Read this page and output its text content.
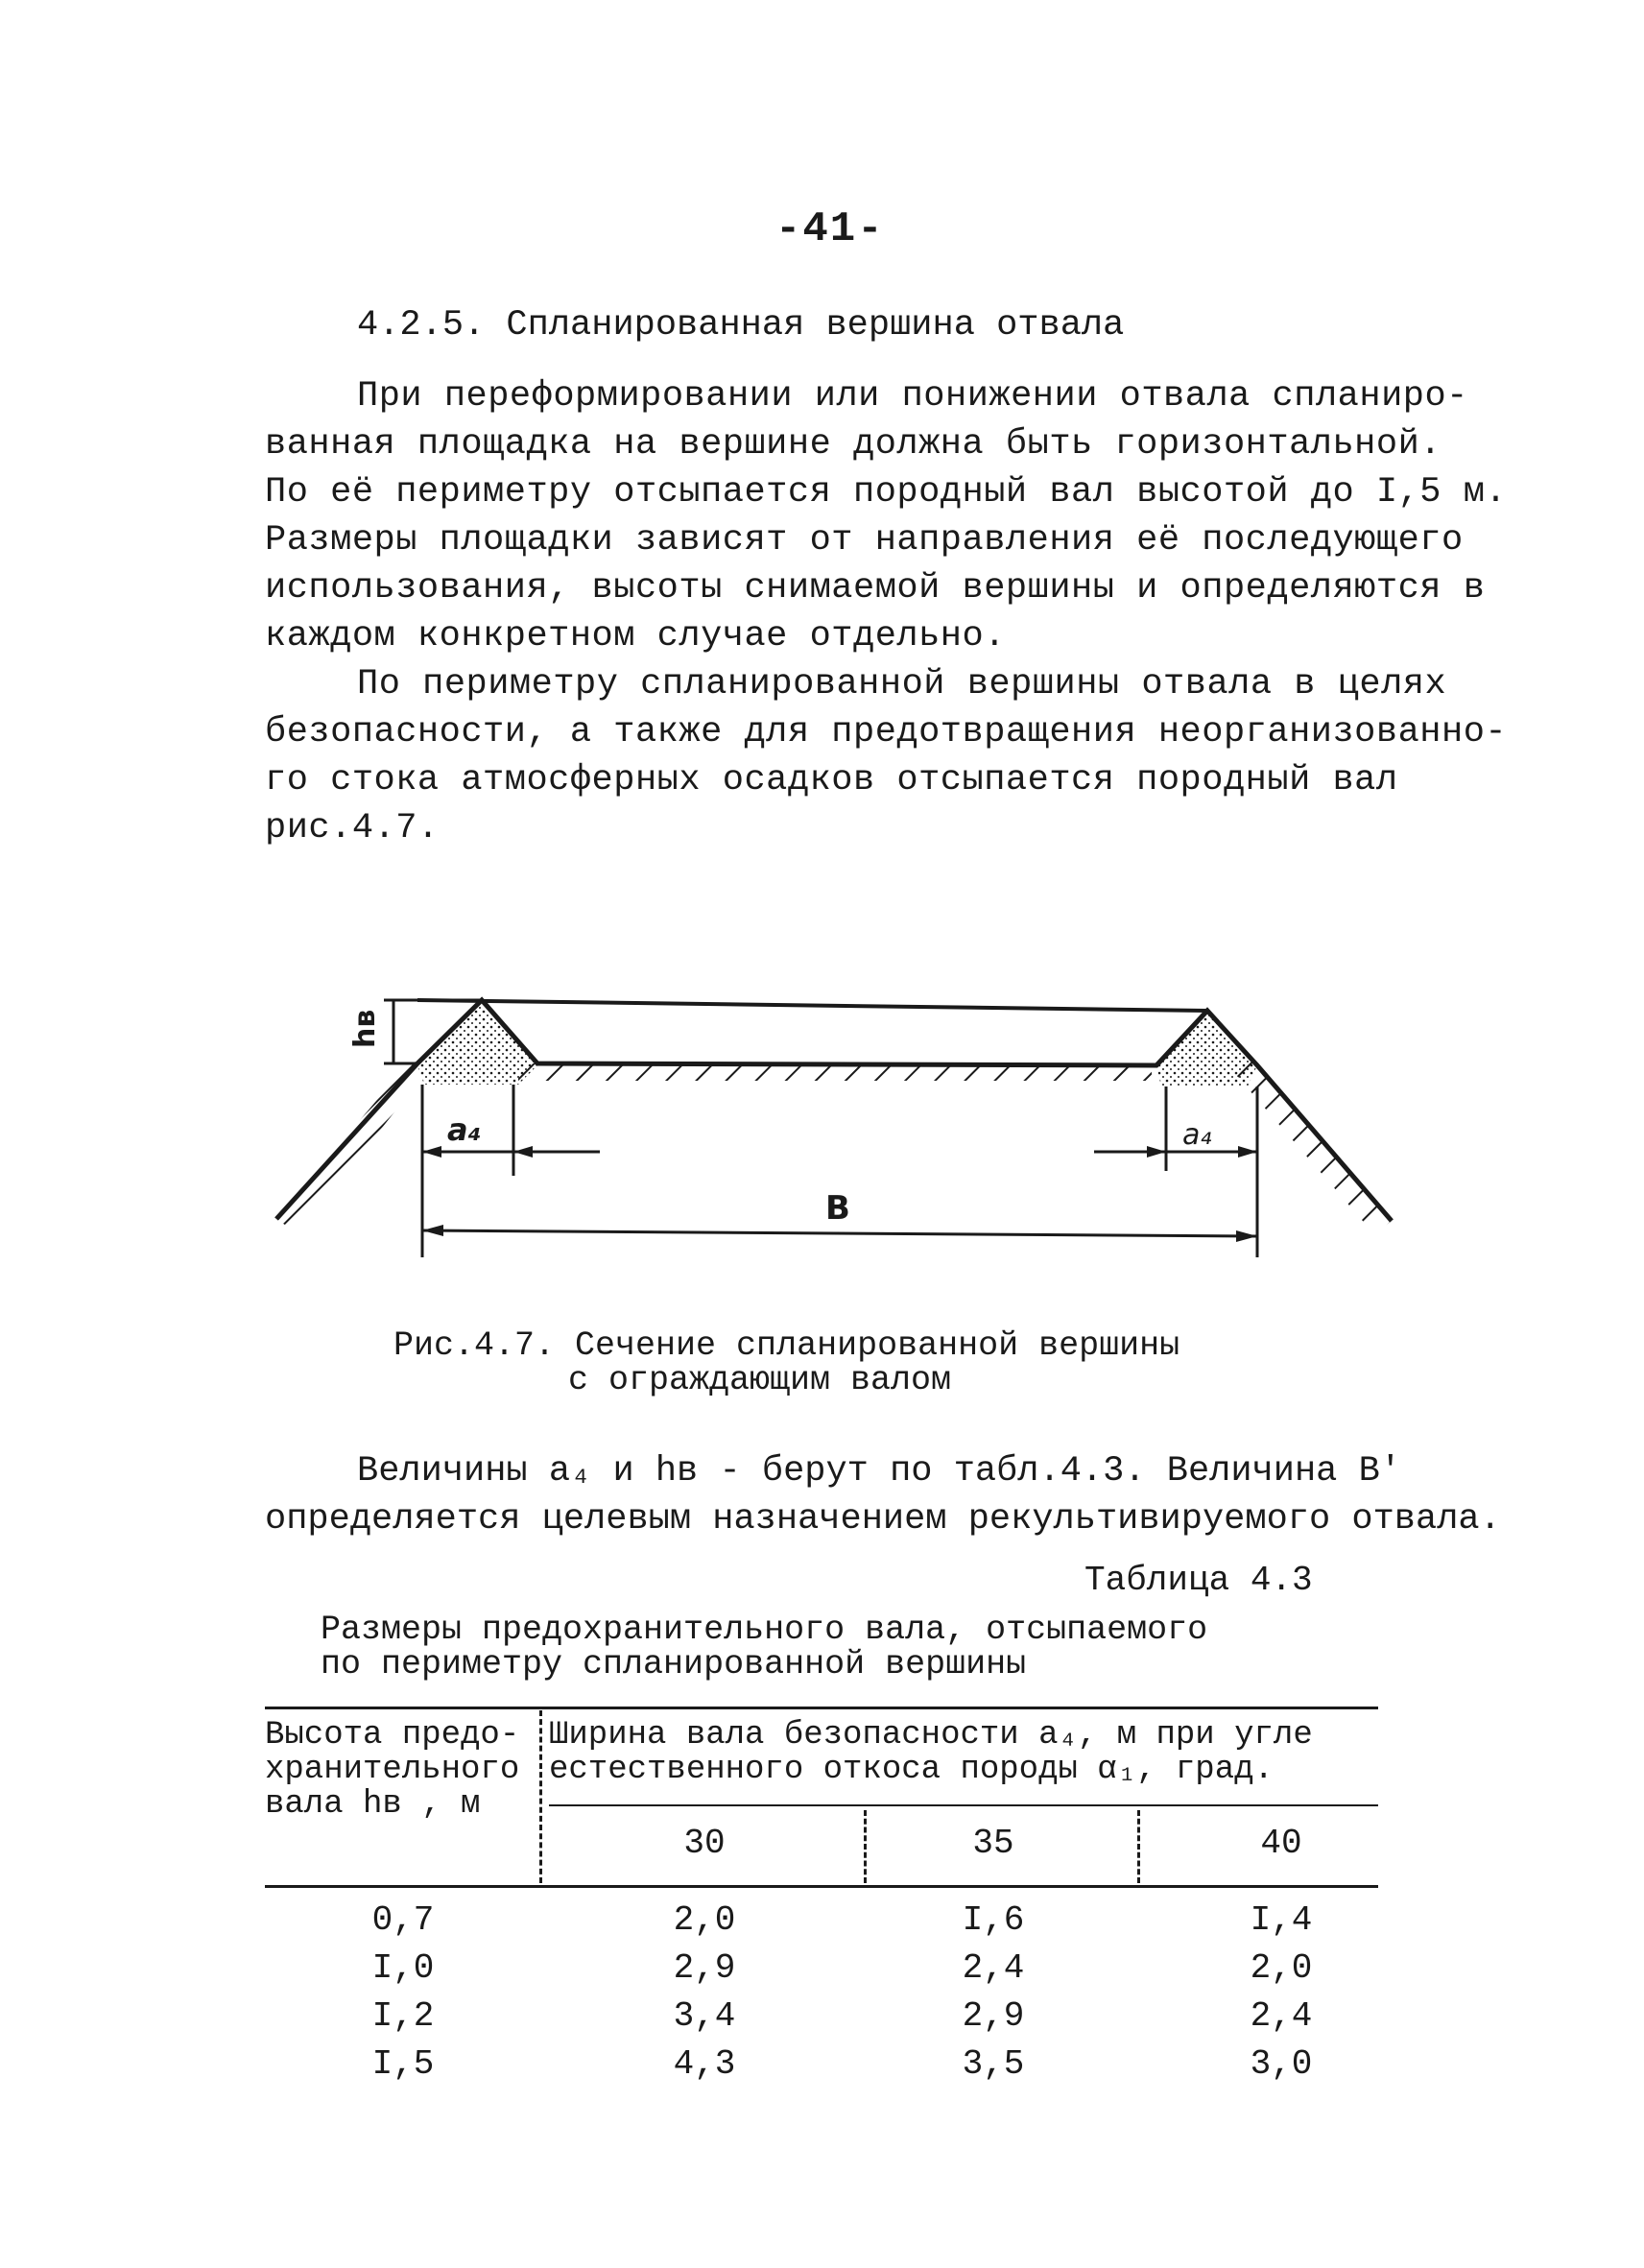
-41-
4.2.5. Спланированная вершина отвала
При переформировании или понижении отвала спланиро-
ванная площадка на вершине должна быть горизонтальной.
По её периметру отсыпается породный вал высотой до I,5 м.
Размеры площадки зависят от направления её последующего
использования, высоты снимаемой вершины и определяются в
каждом конкретном случае отдельно.
По периметру спланированной вершины отвала в целях
безопасности, а также для предотвращения неорганизованно-
го стока атмосферных осадков отсыпается породный вал
рис.4.7.
hв
a₄	a₄
B
Рис.4.7. Сечение спланированной вершины
с ограждающим валом
Величины a₄ и hв - берут по табл.4.3. Величина B'
определяется целевым назначением рекультивируемого отвала.
Таблица 4.3
Размеры предохранительного вала, отсыпаемого
по периметру спланированной вершины
Высота предо-
хранительного
вала hв , м
Ширина вала безопасности a₄, м при угле
естественного откоса породы α₁, град.
30	35	40
0,7	2,0	I,6	I,4
I,0	2,9	2,4	2,0
I,2	3,4	2,9	2,4
I,5	4,3	3,5	3,0
